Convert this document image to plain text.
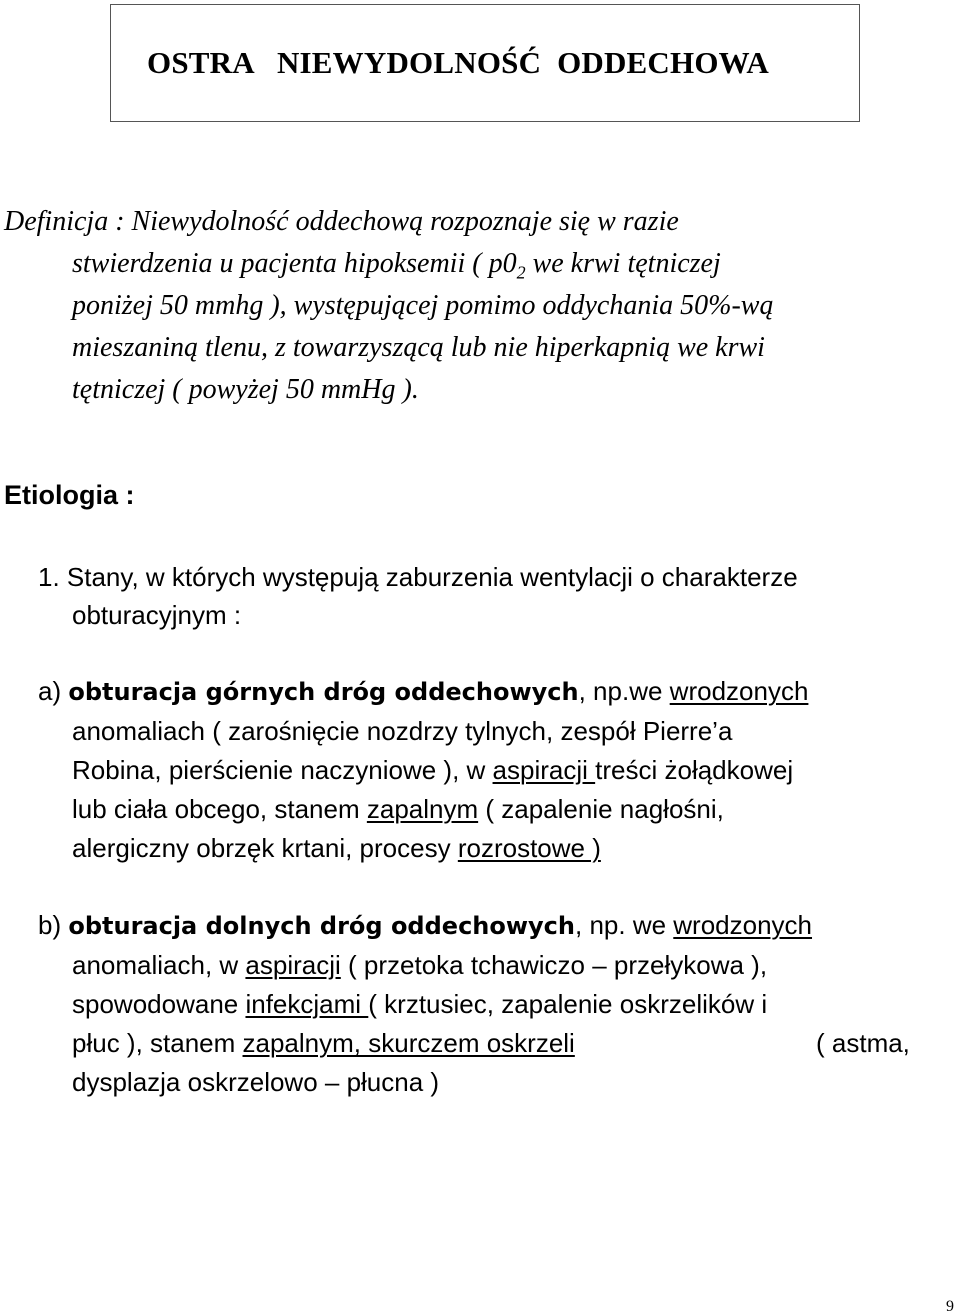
OSTRA   NIEWYDOLNOŚĆ  ODDECHOWA
Definicja : Niewydolność oddechową rozpoznaje się w razie
stwierdzenia u pacjenta hipoksemii ( $p0_2$ we krwi tętniczej
poniżej 50 mmhg ), występującej pomimo oddychania 50%-wą
mieszaniną tlenu, z towarzyszącą lub nie hiperkapnią we krwi
tętniczej ( powyżej 50 mmHg ).
Etiologia :

1. Stany, w których występują zaburzenia wentylacji o charakterze

obturacyjnym :

a) obturacja górnych dróg oddechowych, np.we wrodzonych

anomaliach ( zarośnięcie nozdrzy tylnych, zespół Pierre’a

Robina, pierścienie naczyniowe ), w aspiracji treści żołądkowej

lub ciała obcego, stanem zapalnym ( zapalenie nagłośni,

alergiczny obrzęk krtani, procesy rozrostowe )

b) obturacja dolnych dróg oddechowych, np. we wrodzonych

anomaliach, w aspiracji ( przetoka tchawiczo – przełykowa ),

spowodowane infekcjami ( krztusiec, zapalenie oskrzelików i

płuc ), stanem zapalnym, skurczem oskrzeli	( astma,

dysplazja oskrzelowo – płucna )

9
